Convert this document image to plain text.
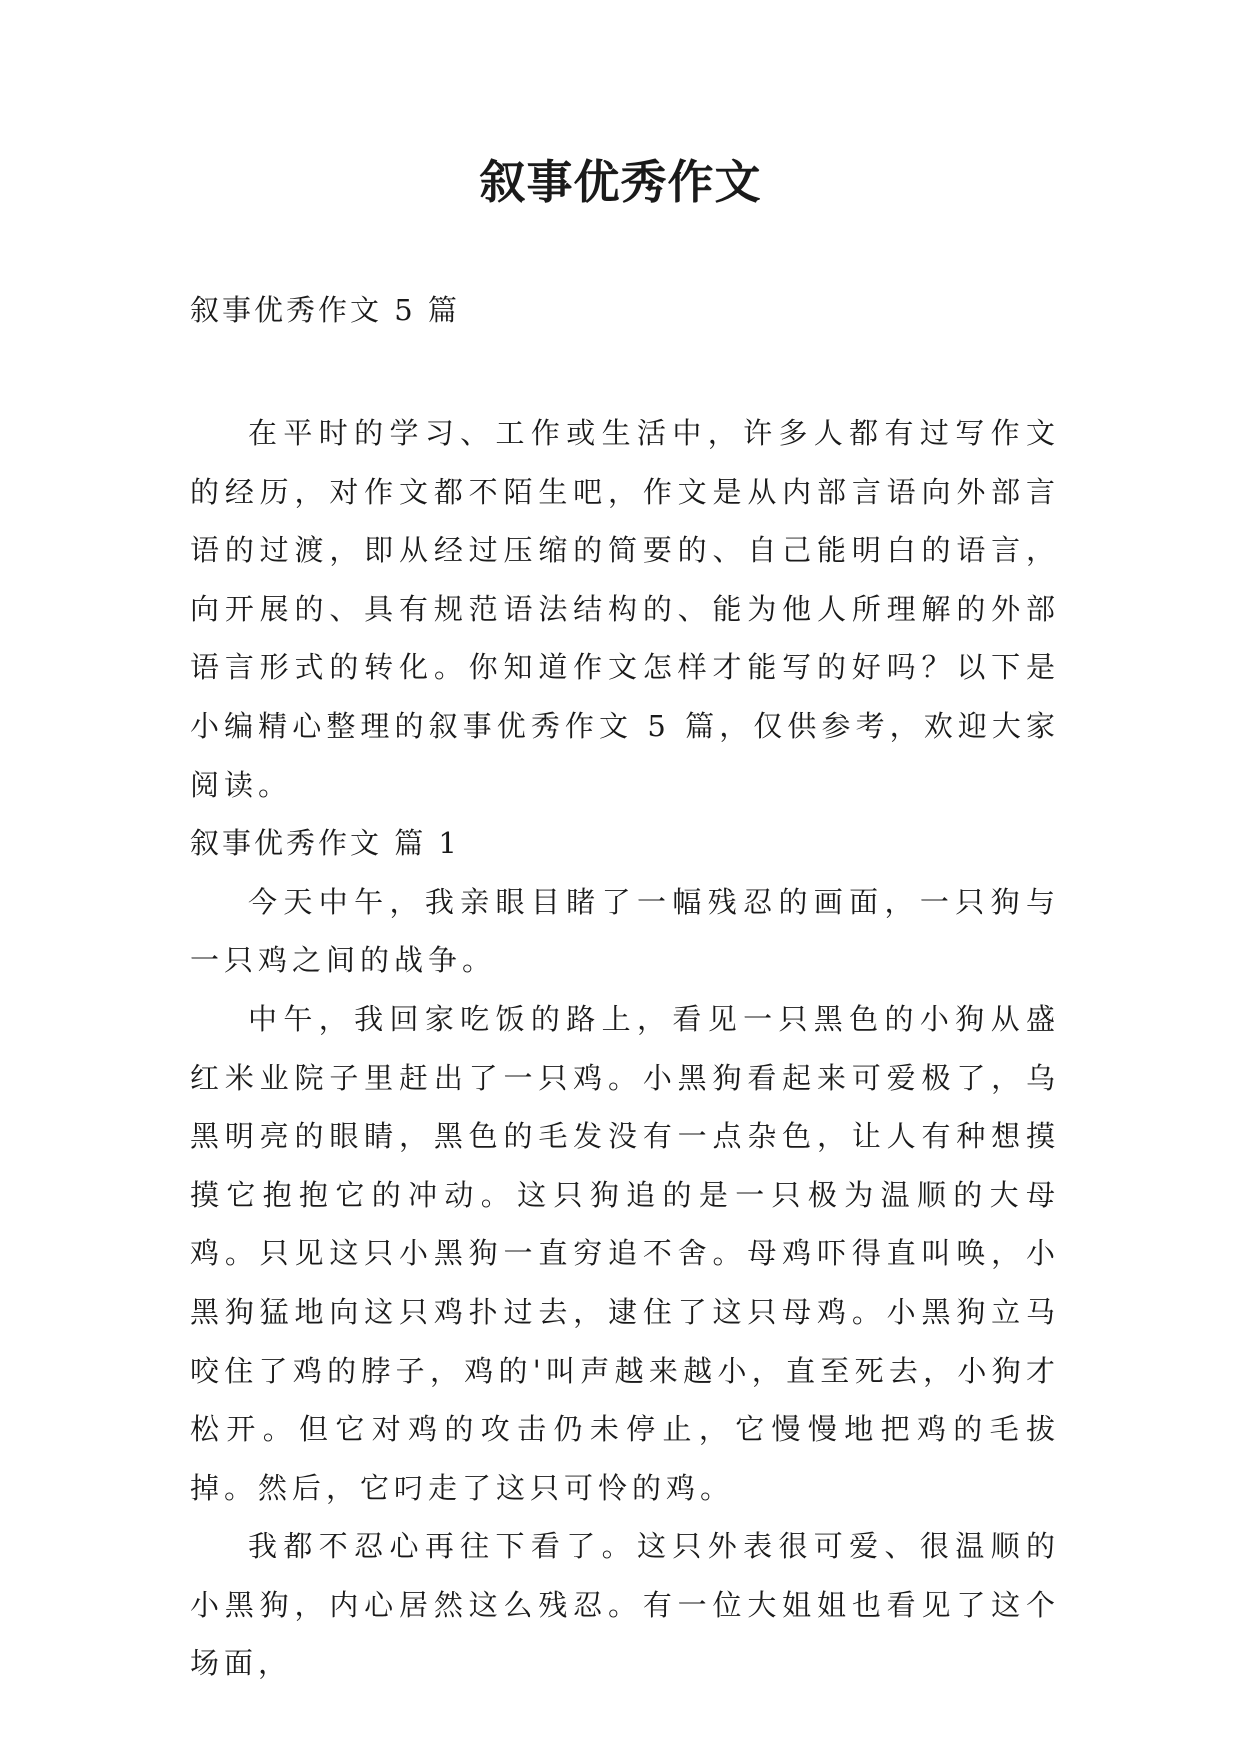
叙事优秀作文
叙事优秀作文 5 篇

在平时的学习、工作或生活中，许多人都有过写作文的经历，对作文都不陌生吧，作文是从内部言语向外部言语的过渡，即从经过压缩的简要的、自己能明白的语言，向开展的、具有规范语法结构的、能为他人所理解的外部语言形式的转化。你知道作文怎样才能写的好吗？以下是小编精心整理的叙事优秀作文 5 篇，仅供参考，欢迎大家阅读。

叙事优秀作文 篇 1

今天中午，我亲眼目睹了一幅残忍的画面，一只狗与一只鸡之间的战争。

中午，我回家吃饭的路上，看见一只黑色的小狗从盛红米业院子里赶出了一只鸡。小黑狗看起来可爱极了，乌黑明亮的眼睛，黑色的毛发没有一点杂色，让人有种想摸摸它抱抱它的冲动。这只狗追的是一只极为温顺的大母鸡。只见这只小黑狗一直穷追不舍。母鸡吓得直叫唤，小黑狗猛地向这只鸡扑过去，逮住了这只母鸡。小黑狗立马咬住了鸡的脖子，鸡的'叫声越来越小，直至死去，小狗才松开。但它对鸡的攻击仍未停止，它慢慢地把鸡的毛拔掉。然后，它叼走了这只可怜的鸡。

我都不忍心再往下看了。这只外表很可爱、很温顺的小黑狗，内心居然这么残忍。有一位大姐姐也看见了这个场面，
